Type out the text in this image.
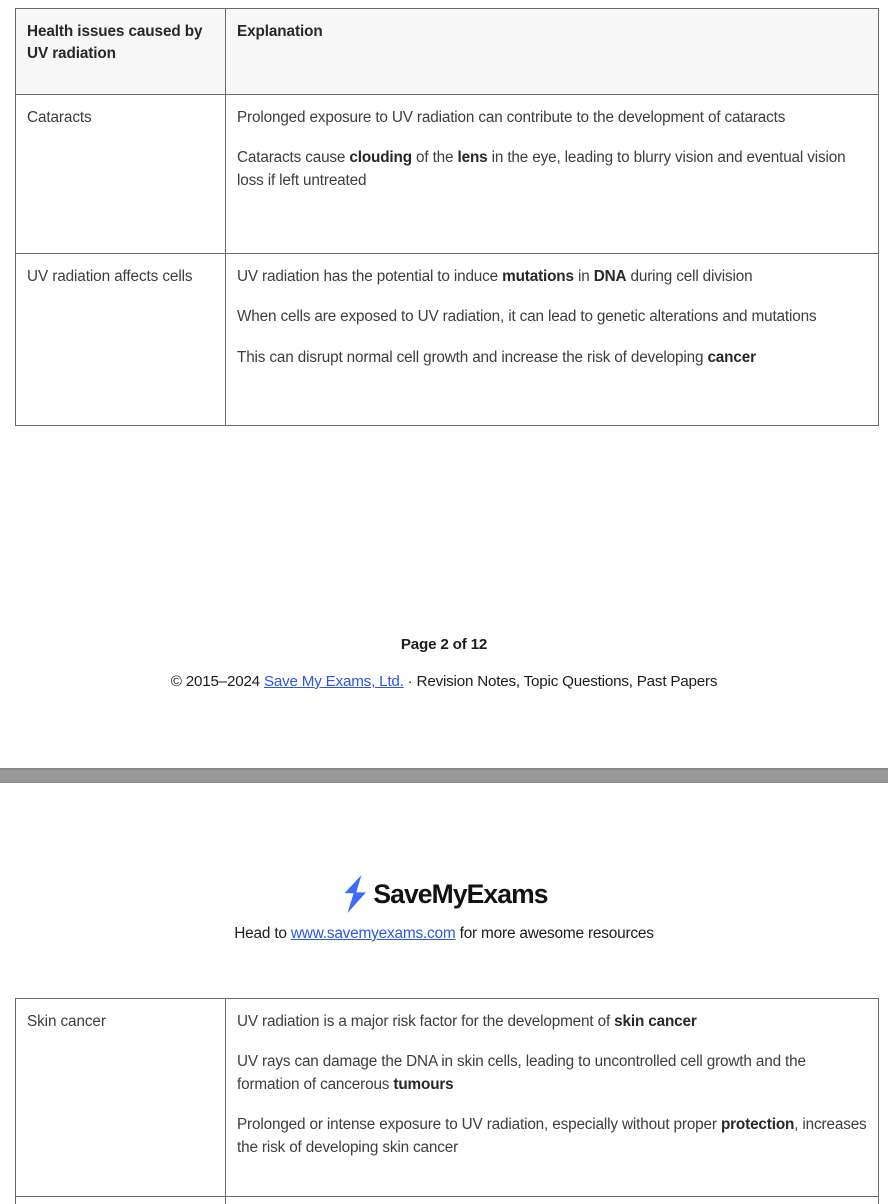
Health issues caused by UV radiation	Explanation
Cataracts	Prolonged exposure to UV radiation can contribute to the development of cataracts

Cataracts cause clouding of the lens in the eye, leading to blurry vision and eventual vision loss if left untreated

UV radiation affects cells	UV radiation has the potential to induce mutations in DNA during cell division

When cells are exposed to UV radiation, it can lead to genetic alterations and mutations

This can disrupt normal cell growth and increase the risk of developing cancer

Page 2 of 12
© 2015–2024 Save My Exams, Ltd. · Revision Notes, Topic Questions, Past Papers
SaveMyExams
Head to www.savemyexams.com for more awesome resources
Skin cancer	UV radiation is a major risk factor for the development of skin cancer

UV rays can damage the DNA in skin cells, leading to uncontrolled cell growth and the formation of cancerous tumours

Prolonged or intense exposure to UV radiation, especially without proper protection, increases the risk of developing skin cancer
